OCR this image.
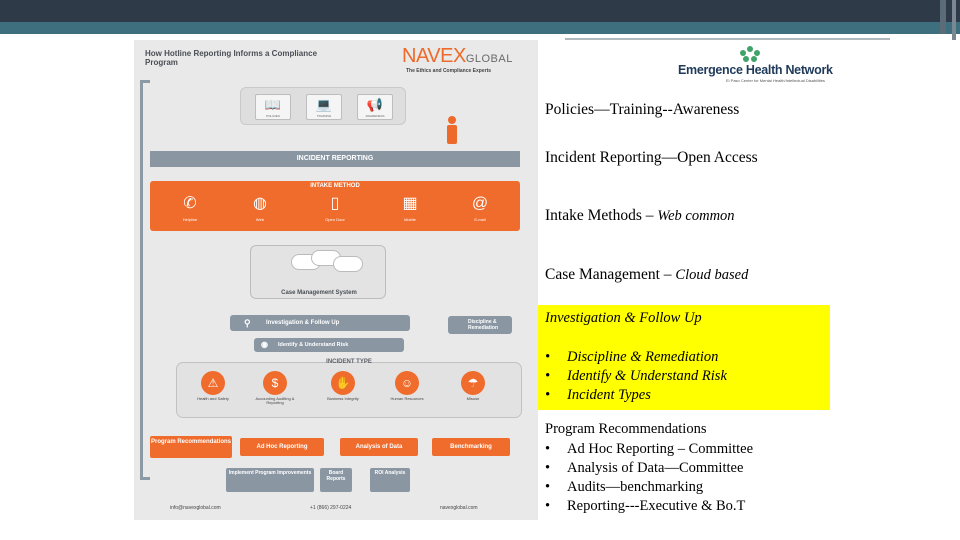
How Hotline Reporting Informs a Compliance Program	NAVEXGLOBAL
The Ethics and Compliance Experts
📖
POLICIES
💻
TRAINING
📢
AWARENESS
INCIDENT REPORTING
INTAKE METHOD
✆
Helpline
◍
Web
▯
Open Door
▦
Mobile
@
E-mail
Case Management System
⚲	Investigation & Follow Up	Discipline & Remediation
◉ Identify & Understand Risk
INCIDENT TYPE
⚠
Health and Safety
$
Accounting Auditing & Reporting
✋
Business Integrity
☺
Human Resources
☂
Misuse
Program Recommendations
Ad Hoc Reporting	Analysis of Data	Benchmarking
Implement Program Improvements	Board Reports
ROI Analysis
info@navexglobal.com	+1 (866) 297-0224	navexglobal.com
Emergence Health Network
El Paso Center for Mental Health/Intellectual Disabilities
Policies—Training--Awareness
Incident Reporting—Open Access
Intake Methods – Web common
Case Management – Cloud based
Investigation & Follow Up
• Discipline & Remediation
• Identify & Understand Risk
• Incident Types
Program Recommendations
• Ad Hoc Reporting – Committee
• Analysis of Data—Committee
• Audits—benchmarking
• Reporting---Executive & Bo.T
